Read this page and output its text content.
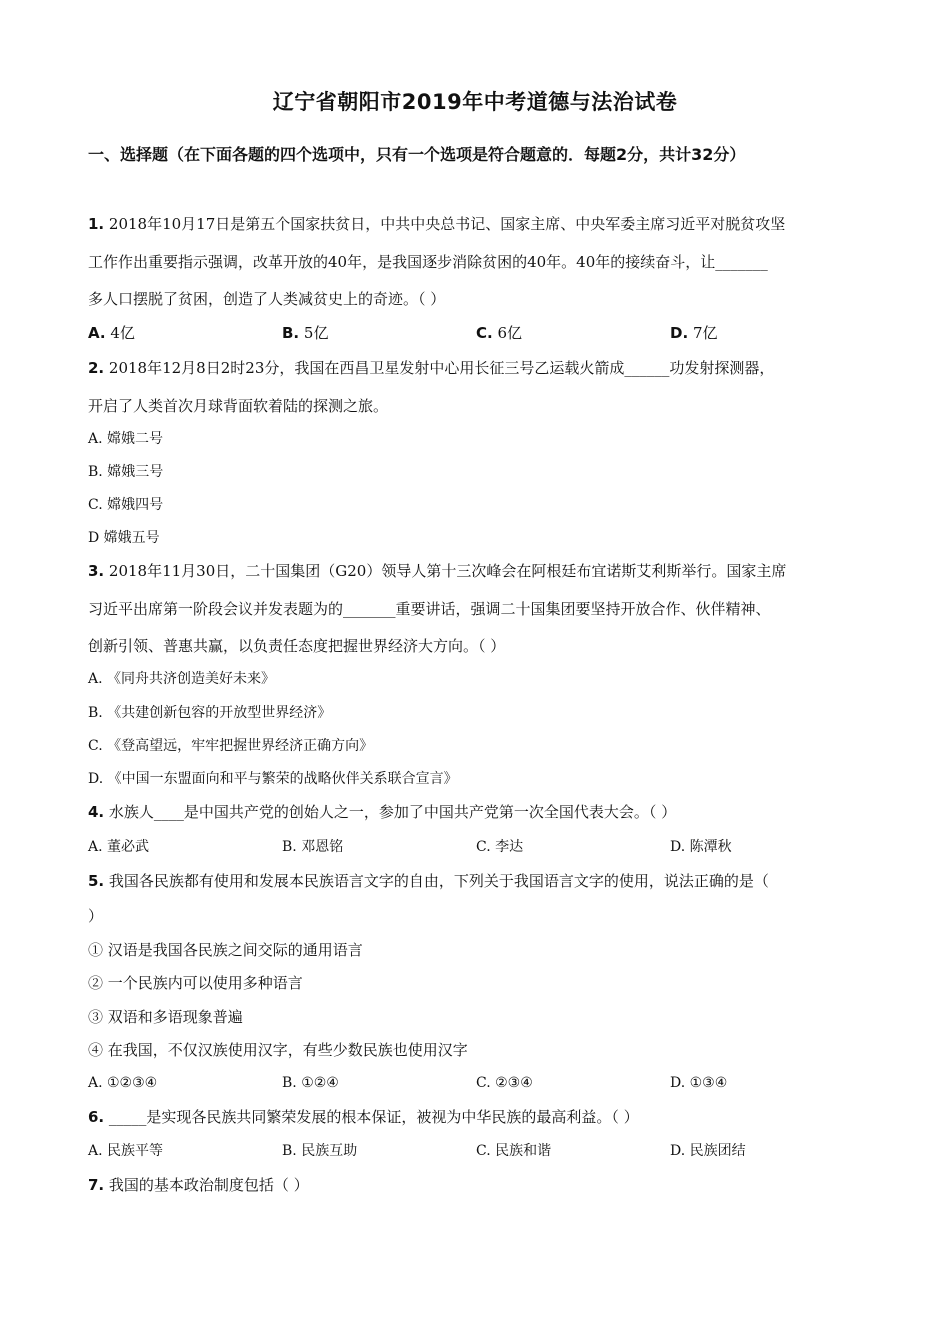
辽宁省朝阳市2019年中考道德与法治试卷
一、选择题（在下面各题的四个选项中，只有一个选项是符合题意的．每题2分，共计32分）
1. 2018年10月17日是第五个国家扶贫日，中共中央总书记、国家主席、中央军委主席习近平对脱贫攻坚
工作作出重要指示强调，改革开放的40年，是我国逐步消除贫困的40年。40年的接续奋斗，让_______
多人口摆脱了贫困，创造了人类减贫史上的奇迹。（ ）
A. 4亿	B. 5亿	C. 6亿	D. 7亿
2. 2018年12月8日2时23分，我国在西昌卫星发射中心用长征三号乙运载火箭成______功发射探测器，
开启了人类首次月球背面软着陆的探测之旅。
A. 嫦娥二号
B. 嫦娥三号
C. 嫦娥四号
D 嫦娥五号
3. 2018年11月30日，二十国集团（G20）领导人第十三次峰会在阿根廷布宜诺斯艾利斯举行。国家主席
习近平出席第一阶段会议并发表题为的_______重要讲话，强调二十国集团要坚持开放合作、伙伴精神、
创新引领、普惠共赢，以负责任态度把握世界经济大方向。（ ）
A. 《同舟共济创造美好未来》
B. 《共建创新包容的开放型世界经济》
C. 《登高望远，牢牢把握世界经济正确方向》
D. 《中国一东盟面向和平与繁荣的战略伙伴关系联合宣言》
4. 水族人____是中国共产党的创始人之一，参加了中国共产党第一次全国代表大会。（ ）
A. 董必武	B. 邓恩铭	C. 李达	D. 陈潭秋
5. 我国各民族都有使用和发展本民族语言文字的自由，下列关于我国语言文字的使用，说法正确的是（
）
① 汉语是我国各民族之间交际的通用语言
② 一个民族内可以使用多种语言
③ 双语和多语现象普遍
④ 在我国，不仅汉族使用汉字，有些少数民族也使用汉字
A. ①②③④	B. ①②④	C. ②③④	D. ①③④
6. _____是实现各民族共同繁荣发展的根本保证，被视为中华民族的最高利益。（ ）
A. 民族平等	B. 民族互助	C. 民族和谐	D. 民族团结
7. 我国的基本政治制度包括（ ）
